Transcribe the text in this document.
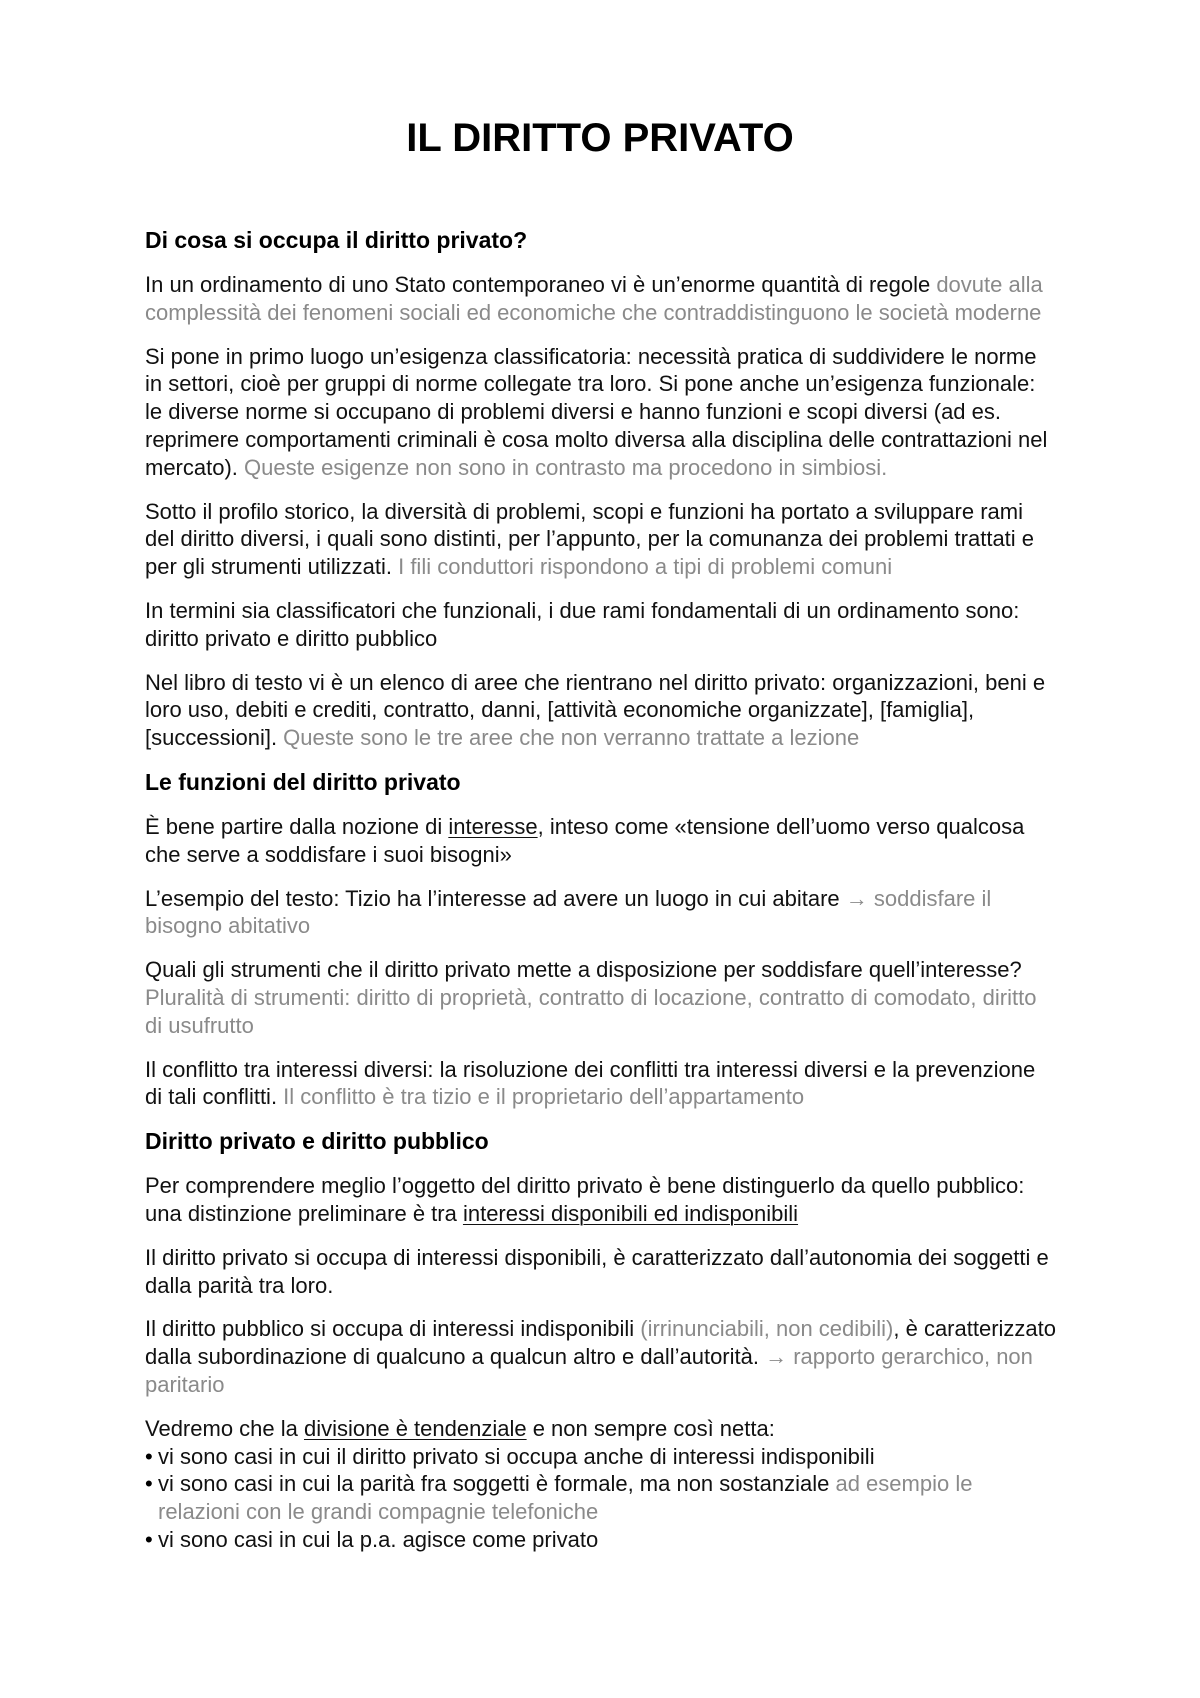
IL DIRITTO PRIVATO
Di cosa si occupa il diritto privato?
In un ordinamento di uno Stato contemporaneo vi è un’enorme quantità di regole dovute alla
complessità dei fenomeni sociali ed economiche che contraddistinguono le società moderne
Si pone in primo luogo un’esigenza classificatoria: necessità pratica di suddividere le norme
in settori, cioè per gruppi di norme collegate tra loro. Si pone anche un’esigenza funzionale:
le diverse norme si occupano di problemi diversi e hanno funzioni e scopi diversi (ad es.
reprimere comportamenti criminali è cosa molto diversa alla disciplina delle contrattazioni nel
mercato). Queste esigenze non sono in contrasto ma procedono in simbiosi.
Sotto il profilo storico, la diversità di problemi, scopi e funzioni ha portato a sviluppare rami
del diritto diversi, i quali sono distinti, per l’appunto, per la comunanza dei problemi trattati e
per gli strumenti utilizzati. I fili conduttori rispondono a tipi di problemi comuni
In termini sia classificatori che funzionali, i due rami fondamentali di un ordinamento sono:
diritto privato e diritto pubblico
Nel libro di testo vi è un elenco di aree che rientrano nel diritto privato: organizzazioni, beni e
loro uso, debiti e crediti, contratto, danni, [attività economiche organizzate], [famiglia],
[successioni]. Queste sono le tre aree che non verranno trattate a lezione
Le funzioni del diritto privato
È bene partire dalla nozione di interesse, inteso come «tensione dell’uomo verso qualcosa
che serve a soddisfare i suoi bisogni»
L’esempio del testo: Tizio ha l’interesse ad avere un luogo in cui abitare → soddisfare il
bisogno abitativo
Quali gli strumenti che il diritto privato mette a disposizione per soddisfare quell’interesse?
Pluralità di strumenti: diritto di proprietà, contratto di locazione, contratto di comodato, diritto
di usufrutto
Il conflitto tra interessi diversi: la risoluzione dei conflitti tra interessi diversi e la prevenzione
di tali conflitti. Il conflitto è tra tizio e il proprietario dell’appartamento
Diritto privato e diritto pubblico
Per comprendere meglio l’oggetto del diritto privato è bene distinguerlo da quello pubblico:
una distinzione preliminare è tra interessi disponibili ed indisponibili
Il diritto privato si occupa di interessi disponibili, è caratterizzato dall’autonomia dei soggetti e
dalla parità tra loro.
Il diritto pubblico si occupa di interessi indisponibili (irrinunciabili, non cedibili), è caratterizzato
dalla subordinazione di qualcuno a qualcun altro e dall’autorità. → rapporto gerarchico, non
paritario
Vedremo che la divisione è tendenziale e non sempre così netta:
•
vi sono casi in cui il diritto privato si occupa anche di interessi indisponibili
•
vi sono casi in cui la parità fra soggetti è formale, ma non sostanziale ad esempio le
relazioni con le grandi compagnie telefoniche
•
vi sono casi in cui la p.a. agisce come privato
